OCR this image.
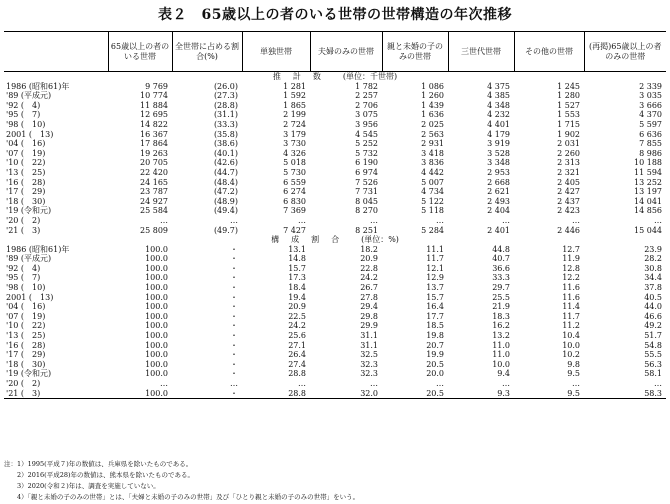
表２　65歳以上の者のいる世帯の世帯構造の年次推移
	65歳以上の者のいる世帯	全世帯に占める割合(%)	単独世帯	夫婦のみの世帯	親と未婚の子のみの世帯	三世代世帯	その他の世帯	(再掲)65歳以上の者のみの世帯
推計数 (単位：千世帯)								
1986 (昭和61)年	9 769	(26.0)	1 281	1 782	1 086	4 375	1 245	2 339
'89 (平成元)	10 774	(27.3)	1 592	2 257	1 260	4 385	1 280	3 035
'92 (　4)	11 884	(28.8)	1 865	2 706	1 439	4 348	1 527	3 666
'95 (　7)	12 695	(31.1)	2 199	3 075	1 636	4 232	1 553	4 370
'98 (　10)	14 822	(33.3)	2 724	3 956	2 025	4 401	1 715	5 597
2001 (　13)	16 367	(35.8)	3 179	4 545	2 563	4 179	1 902	6 636
'04 (　16)	17 864	(38.6)	3 730	5 252	2 931	3 919	2 031	7 855
'07 (　19)	19 263	(40.1)	4 326	5 732	3 418	3 528	2 260	8 986
'10 (　22)	20 705	(42.6)	5 018	6 190	3 836	3 348	2 313	10 188
'13 (　25)	22 420	(44.7)	5 730	6 974	4 442	2 953	2 321	11 594
'16 (　28)	24 165	(48.4)	6 559	7 526	5 007	2 668	2 405	13 252
'17 (　29)	23 787	(47.2)	6 274	7 731	4 734	2 621	2 427	13 197
'18 (　30)	24 927	(48.9)	6 830	8 045	5 122	2 493	2 437	14 041
'19 (令和元)	25 584	(49.4)	7 369	8 270	5 118	2 404	2 423	14 856
'20 (　2)	…	…	…	…	…	…	…	…
'21 (　3)	25 809	(49.7)	7 427	8 251	5 284	2 401	2 446	15 044
構成割合 (単位：%)								
1986 (昭和61)年	100.0	・	13.1	18.2	11.1	44.8	12.7	23.9
'89 (平成元)	100.0	・	14.8	20.9	11.7	40.7	11.9	28.2
'92 (　4)	100.0	・	15.7	22.8	12.1	36.6	12.8	30.8
'95 (　7)	100.0	・	17.3	24.2	12.9	33.3	12.2	34.4
'98 (　10)	100.0	・	18.4	26.7	13.7	29.7	11.6	37.8
2001 (　13)	100.0	・	19.4	27.8	15.7	25.5	11.6	40.5
'04 (　16)	100.0	・	20.9	29.4	16.4	21.9	11.4	44.0
'07 (　19)	100.0	・	22.5	29.8	17.7	18.3	11.7	46.6
'10 (　22)	100.0	・	24.2	29.9	18.5	16.2	11.2	49.2
'13 (　25)	100.0	・	25.6	31.1	19.8	13.2	10.4	51.7
'16 (　28)	100.0	・	27.1	31.1	20.7	11.0	10.0	54.8
'17 (　29)	100.0	・	26.4	32.5	19.9	11.0	10.2	55.5
'18 (　30)	100.0	・	27.4	32.3	20.5	10.0	9.8	56.3
'19 (令和元)	100.0	・	28.8	32.3	20.0	9.4	9.5	58.1
'20 (　2)	…	…	…	…	…	…	…	…
'21 (　3)	100.0	・	28.8	32.0	20.5	9.3	9.5	58.3
注：1）1995(平成７)年の数値は、兵庫県を除いたものである。
　　2）2016(平成28)年の数値は、熊本県を除いたものである。
　　3）2020(令和２)年は、調査を実施していない。
　　4）「親と未婚の子のみの世帯」とは、「夫婦と未婚の子のみの世帯」及び「ひとり親と未婚の子のみの世帯」をいう。
